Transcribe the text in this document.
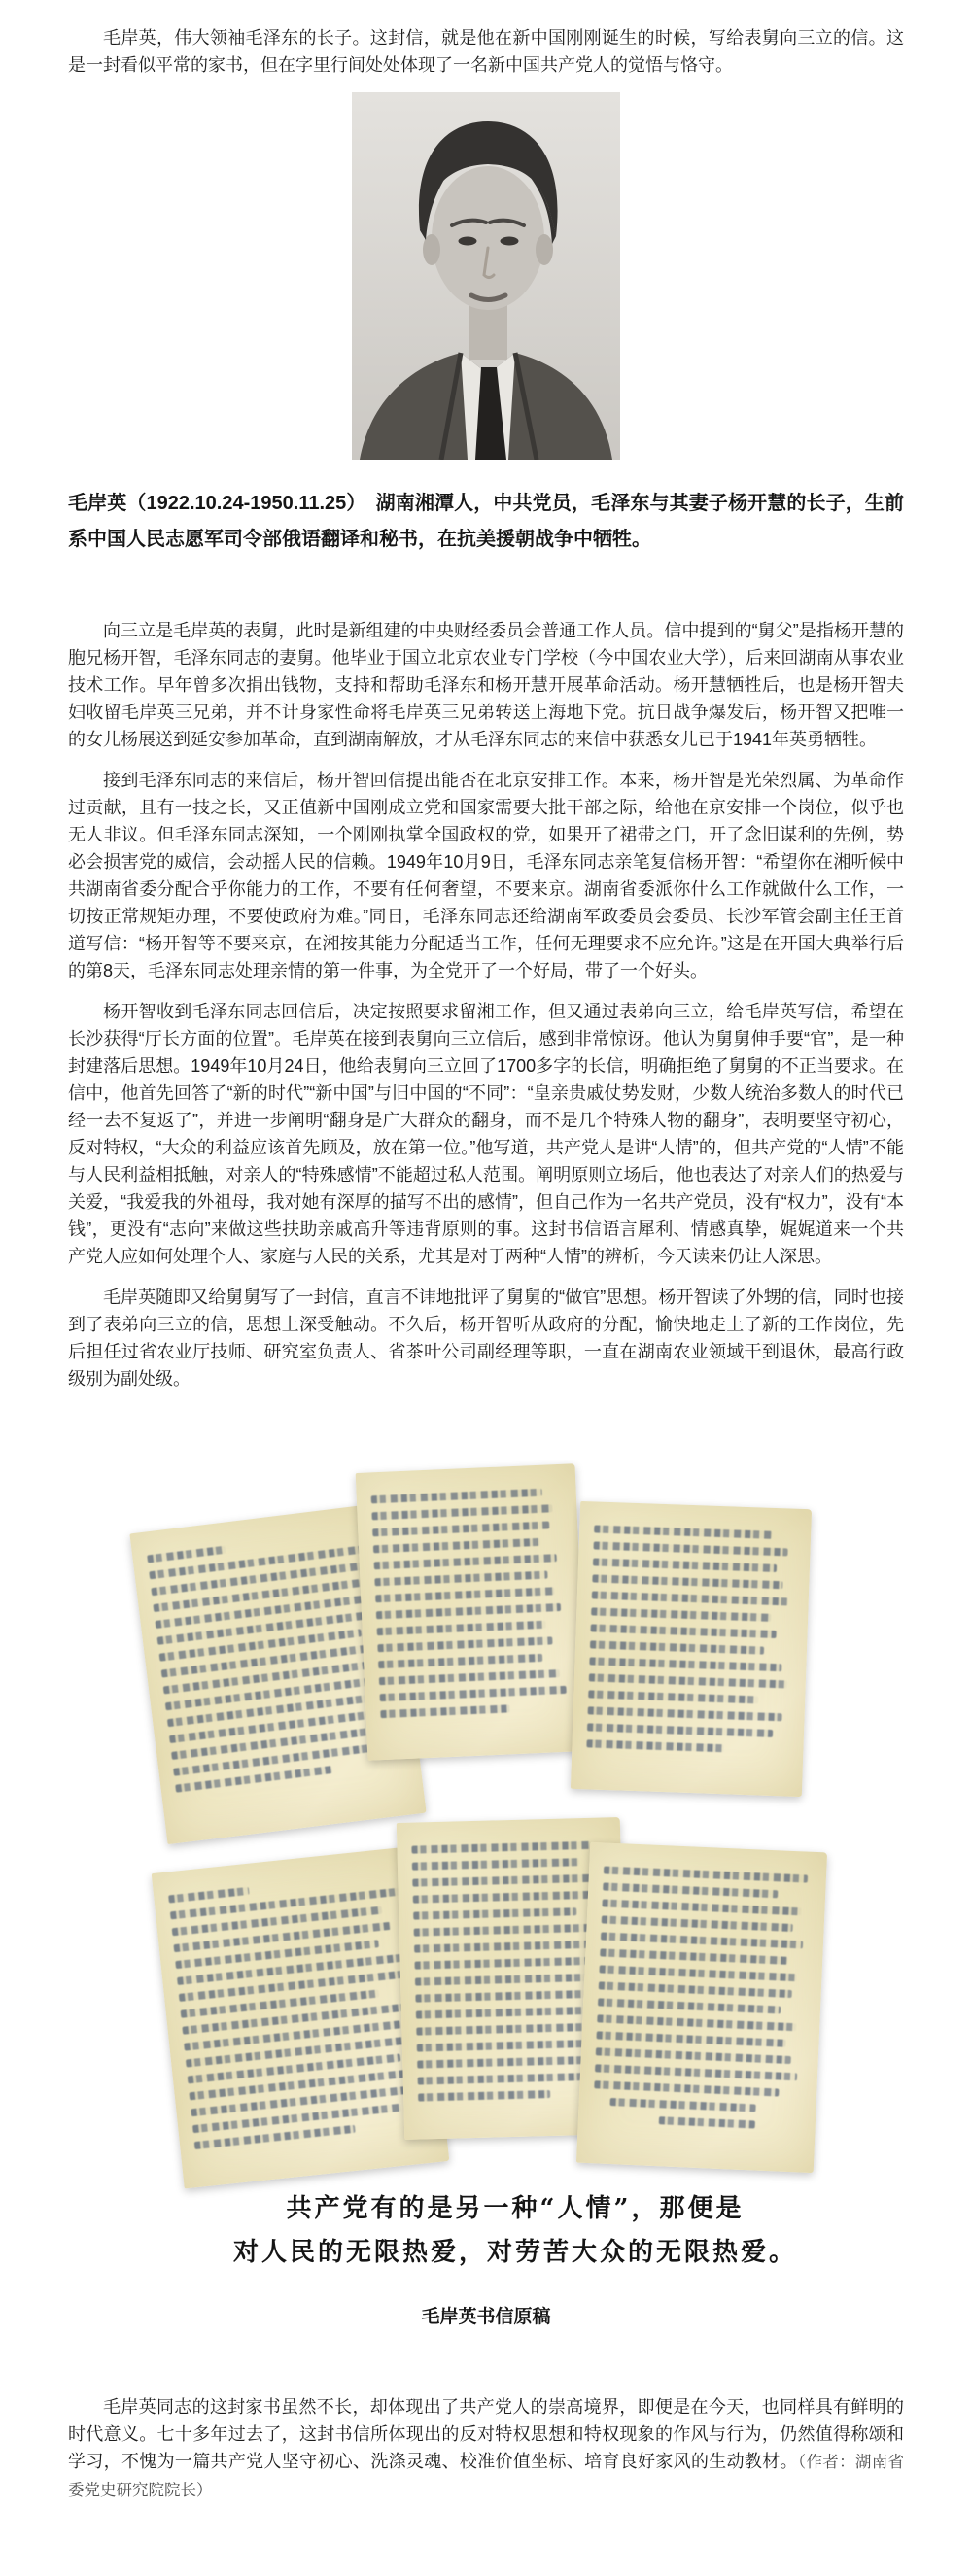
毛岸英，伟大领袖毛泽东的长子。这封信，就是他在新中国刚刚诞生的时候，写给表舅向三立的信。这是一封看似平常的家书，但在字里行间处处体现了一名新中国共产党人的觉悟与恪守。

毛岸英（1922.10.24-1950.11.25）　湖南湘潭人，中共党员，毛泽东与其妻子杨开慧的长子，生前系中国人民志愿军司令部俄语翻译和秘书，在抗美援朝战争中牺牲。

向三立是毛岸英的表舅，此时是新组建的中央财经委员会普通工作人员。信中提到的“舅父”是指杨开慧的胞兄杨开智，毛泽东同志的妻舅。他毕业于国立北京农业专门学校（今中国农业大学），后来回湖南从事农业技术工作。早年曾多次捐出钱物，支持和帮助毛泽东和杨开慧开展革命活动。杨开慧牺牲后，也是杨开智夫妇收留毛岸英三兄弟，并不计身家性命将毛岸英三兄弟转送上海地下党。抗日战争爆发后，杨开智又把唯一的女儿杨展送到延安参加革命，直到湖南解放，才从毛泽东同志的来信中获悉女儿已于1941年英勇牺牲。

接到毛泽东同志的来信后，杨开智回信提出能否在北京安排工作。本来，杨开智是光荣烈属、为革命作过贡献，且有一技之长，又正值新中国刚成立党和国家需要大批干部之际，给他在京安排一个岗位，似乎也无人非议。但毛泽东同志深知，一个刚刚执掌全国政权的党，如果开了裙带之门，开了念旧谋利的先例，势必会损害党的威信，会动摇人民的信赖。1949年10月9日，毛泽东同志亲笔复信杨开智：“希望你在湘听候中共湖南省委分配合乎你能力的工作，不要有任何奢望，不要来京。湖南省委派你什么工作就做什么工作，一切按正常规矩办理，不要使政府为难。”同日，毛泽东同志还给湖南军政委员会委员、长沙军管会副主任王首道写信：“杨开智等不要来京，在湘按其能力分配适当工作，任何无理要求不应允许。”这是在开国大典举行后的第8天，毛泽东同志处理亲情的第一件事，为全党开了一个好局，带了一个好头。

杨开智收到毛泽东同志回信后，决定按照要求留湘工作，但又通过表弟向三立，给毛岸英写信，希望在长沙获得“厅长方面的位置”。毛岸英在接到表舅向三立信后，感到非常惊讶。他认为舅舅伸手要“官”，是一种封建落后思想。1949年10月24日，他给表舅向三立回了1700多字的长信，明确拒绝了舅舅的不正当要求。在信中，他首先回答了“新的时代”“新中国”与旧中国的“不同”：“皇亲贵戚仗势发财，少数人统治多数人的时代已经一去不复返了”，并进一步阐明“翻身是广大群众的翻身，而不是几个特殊人物的翻身”，表明要坚守初心，反对特权，“大众的利益应该首先顾及，放在第一位。”他写道，共产党人是讲“人情”的，但共产党的“人情”不能与人民利益相抵触，对亲人的“特殊感情”不能超过私人范围。阐明原则立场后，他也表达了对亲人们的热爱与关爱，“我爱我的外祖母，我对她有深厚的描写不出的感情”，但自己作为一名共产党员，没有“权力”，没有“本钱”，更没有“志向”来做这些扶助亲戚高升等违背原则的事。这封书信语言犀利、情感真挚，娓娓道来一个共产党人应如何处理个人、家庭与人民的关系，尤其是对于两种“人情”的辨析，今天读来仍让人深思。

毛岸英随即又给舅舅写了一封信，直言不讳地批评了舅舅的“做官”思想。杨开智读了外甥的信，同时也接到了表弟向三立的信，思想上深受触动。不久后，杨开智听从政府的分配，愉快地走上了新的工作岗位，先后担任过省农业厅技师、研究室负责人、省茶叶公司副经理等职，一直在湖南农业领域干到退休，最高行政级别为副处级。

共产党有的是另一种“人情”，那便是
对人民的无限热爱，对劳苦大众的无限热爱。

毛岸英书信原稿

毛岸英同志的这封家书虽然不长，却体现出了共产党人的崇高境界，即便是在今天，也同样具有鲜明的时代意义。七十多年过去了，这封书信所体现出的反对特权思想和特权现象的作风与行为，仍然值得称颂和学习，不愧为一篇共产党人坚守初心、洗涤灵魂、校准价值坐标、培育良好家风的生动教材。（作者：湖南省委党史研究院院长）
